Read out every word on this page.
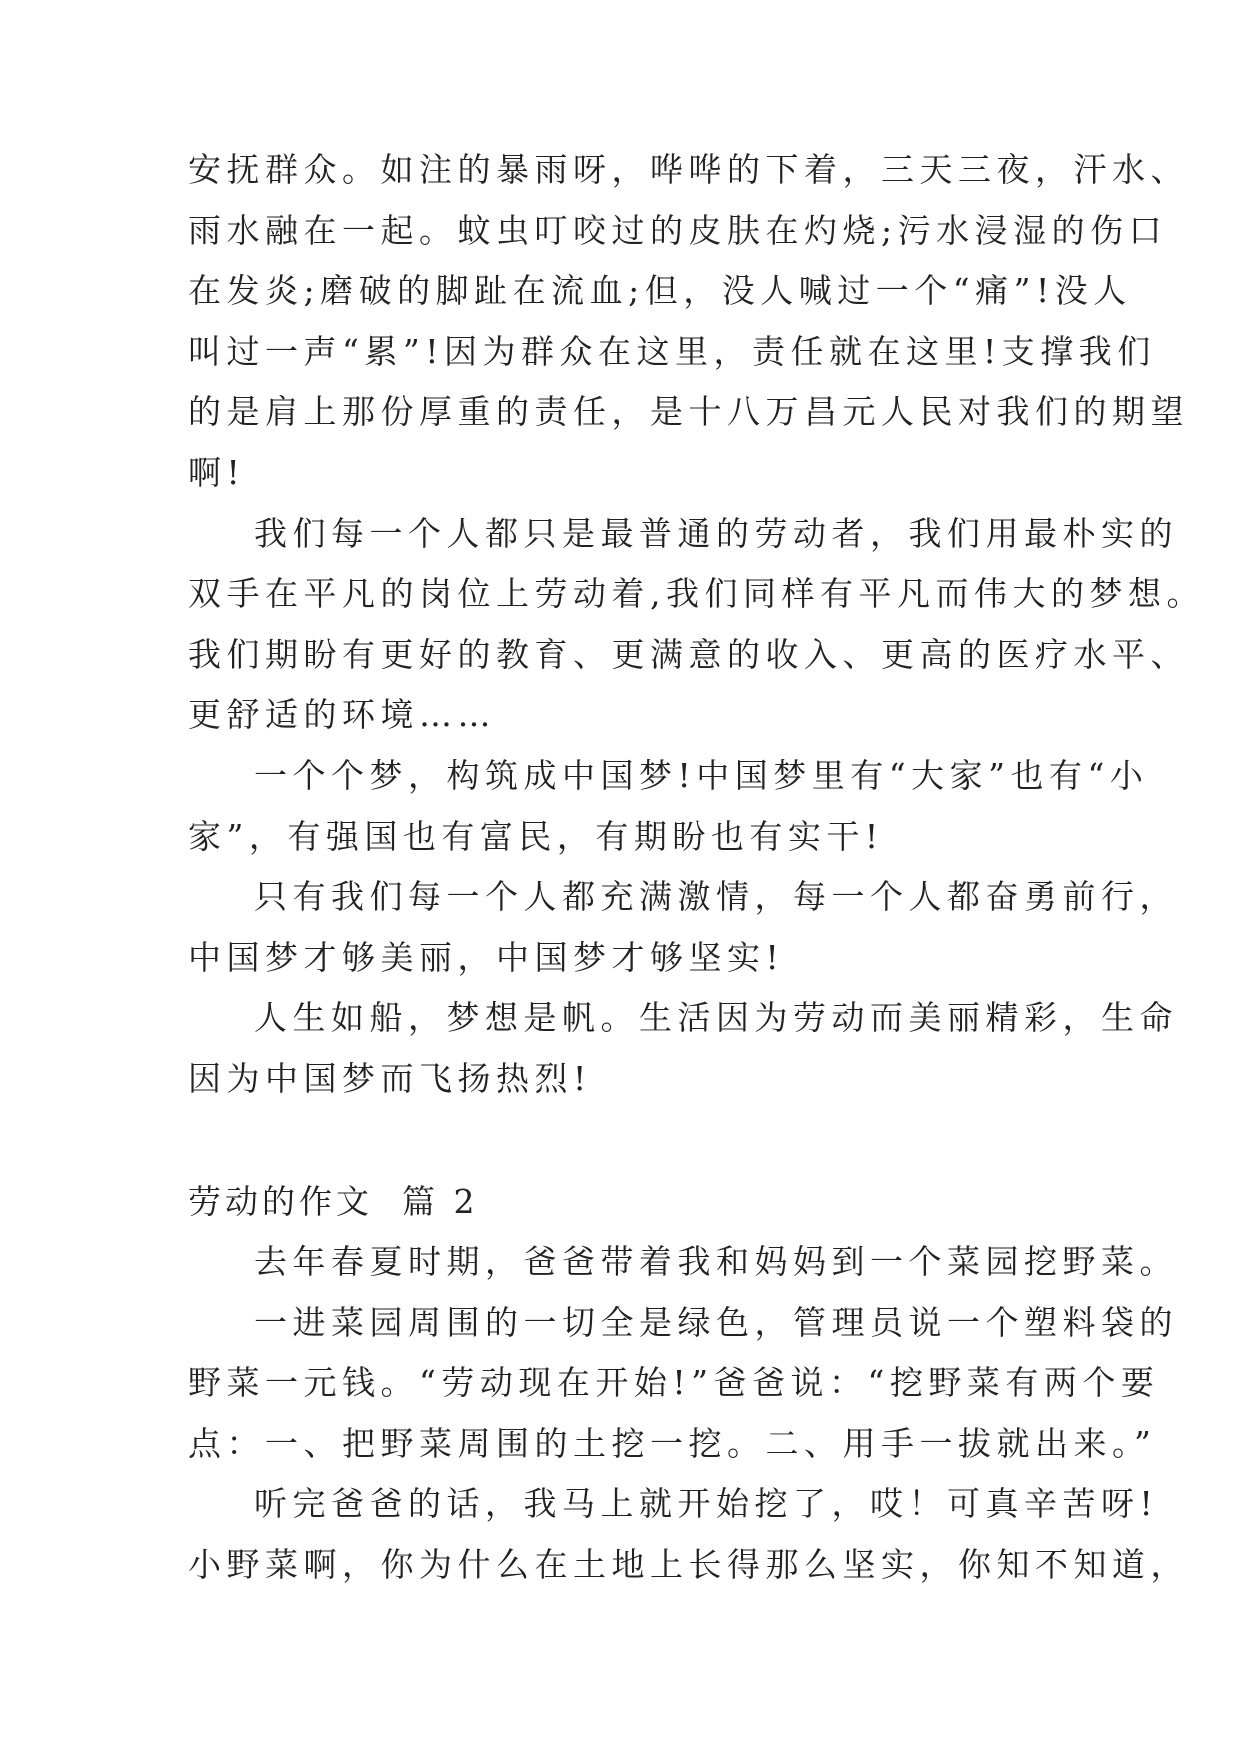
安抚群众。如注的暴雨呀，哗哗的下着，三天三夜，汗水、
雨水融在一起。蚊虫叮咬过的皮肤在灼烧;污水浸湿的伤口
在发炎;磨破的脚趾在流血;但，没人喊过一个“痛”!没人
叫过一声“累”!因为群众在这里，责任就在这里!支撑我们
的是肩上那份厚重的责任，是十八万昌元人民对我们的期望
啊!
我们每一个人都只是最普通的劳动者，我们用最朴实的
双手在平凡的岗位上劳动着,我们同样有平凡而伟大的梦想。
我们期盼有更好的教育、更满意的收入、更高的医疗水平、
更舒适的环境……
一个个梦，构筑成中国梦!中国梦里有“大家”也有“小
家”，有强国也有富民，有期盼也有实干!
只有我们每一个人都充满激情，每一个人都奋勇前行，
中国梦才够美丽，中国梦才够坚实!
人生如船，梦想是帆。生活因为劳动而美丽精彩，生命
因为中国梦而飞扬热烈!
劳动的作文  篇 2
去年春夏时期，爸爸带着我和妈妈到一个菜园挖野菜。
一进菜园周围的一切全是绿色，管理员说一个塑料袋的
野菜一元钱。“劳动现在开始!”爸爸说：“挖野菜有两个要
点：一、把野菜周围的土挖一挖。二、用手一拔就出来。”
听完爸爸的话，我马上就开始挖了，哎！可真辛苦呀!
小野菜啊，你为什么在土地上长得那么坚实，你知不知道，
